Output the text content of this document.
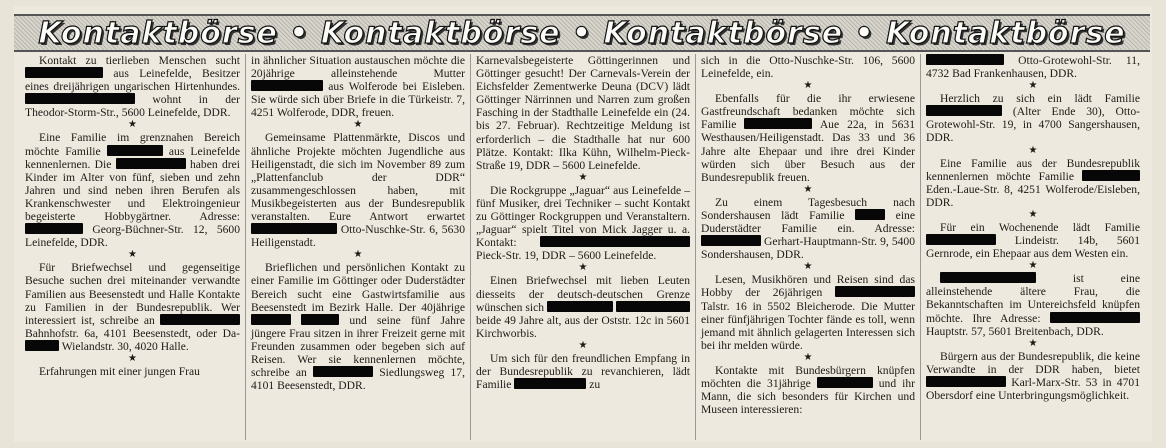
Kontaktbörse • Kontaktbörse • Kontaktbörse • Kontaktbörse

Kontakt zu tierlieben Menschen sucht  aus Leinefelde, Besitzer eines dreijährigen ungarischen Hirtenhundes.  wohnt in der Theodor-Storm-Str., 5600 Leinefelde, DDR.

★

Eine Familie im grenznahen Bereich möchte Familie	aus Leinefelde kennenlernen. Die	haben drei Kinder im Alter von fünf, sieben und zehn Jahren und sind neben ihren Berufen als Krankenschwester und Elektroingenieur begeisterte Hobbygärtner. Adresse:  Georg-Büchner-Str. 12, 5600 Leinefelde, DDR.

★

Für Briefwechsel und gegenseitige Besuche suchen drei miteinander verwandte Familien aus Beesenstedt und Halle Kontakte zu Familien in der Bundesrepublik. Wer interessiert ist, schreibe an  Bahnhofstr. 6a, 4101 Beesenstedt, oder Da-  Wielandstr. 30, 4020 Halle.

★

Erfahrungen mit einer jungen Frau

in ähnlicher Situation austauschen möchte die 20jährige alleinstehende Mutter  aus Wolferode bei Eisleben. Sie würde sich über Briefe in die Türkeistr. 7, 4251 Wolferode, DDR, freuen.

★

Gemeinsame Plattenmärkte, Discos und ähnliche Projekte möchten Jugendliche aus Heiligenstadt, die sich im November 89 zum „Plattenfanclub der DDR“ zusammengeschlossen haben, mit Musikbegeisterten aus der Bundesrepublik veranstalten. Eure Antwort erwartet  Otto-Nuschke-Str. 6, 5630 Heiligenstadt.

★

Brieflichen und persönlichen Kontakt zu einer Familie im Göttinger oder Duderstädter Bereich sucht eine Gastwirtsfamilie aus Beesenstedt im Bezirk Halle. Der 40jährige   und seine fünf Jahre jüngere Frau sitzen in ihrer Freizeit gerne mit Freunden zusammen oder begeben sich auf Reisen. Wer sie kennenlernen möchte, schreibe an	Siedlungsweg 17, 4101 Beesenstedt, DDR.

Karnevalsbegeisterte Göttingerinnen und Göttinger gesucht! Der Carnevals-Verein der Eichsfelder Zementwerke Deuna (DCV) lädt Göttinger Närrinnen und Narren zum großen Fasching in der Stadthalle Leinefelde ein (24. bis 27. Februar). Rechtzeitige Meldung ist erforderlich – die Stadthalle hat nur 600 Plätze. Kontakt: Ilka Kühn, Wilhelm-Pieck-Straße 19, DDR – 5600 Leinefelde.

★

Die Rockgruppe „Jaguar“ aus Leinefelde – fünf Musiker, drei Techniker – sucht Kontakt zu Göttinger Rockgruppen und Veranstaltern. „Jaguar“ spielt Titel von Mick Jagger u. a. Kontakt:  Pieck-Str. 19, DDR – 5600 Leinefelde.

★

Einen Briefwechsel mit lieben Leuten diesseits der deutsch-deutschen Grenze wünschen sich   beide 49 Jahre alt, aus der Oststr. 12c in 5601 Kirchworbis.

★

Um sich für den freundlichen Empfang in der Bundesrepublik zu revanchieren, lädt Familie	zu

sich in die Otto-Nuschke-Str. 106, 5600 Leinefelde, ein.

★

Ebenfalls für die ihr erwiesene Gastfreundschaft bedanken möchte sich Familie	Aue 22a, in 5631 Westhausen/Heiligenstadt. Das 33 und 36 Jahre alte Ehepaar und ihre drei Kinder würden sich über Besuch aus der Bundesrepublik freuen.

★

Zu einem Tagesbesuch nach Sondershausen lädt Familie	eine Duderstädter Familie ein. Adresse:  Gerhart-Hauptmann-Str. 9, 5400 Sondershausen, DDR.

★

Lesen, Musikhören und Reisen sind das Hobby der 26jährigen  Talstr. 16 in 5502 Bleicherode. Die Mutter einer fünfjährigen Tochter fände es toll, wenn jemand mit ähnlich gelagerten Interessen sich bei ihr melden würde.

★

Kontakte mit Bundesbürgern knüpfen möchten die 31jährige	und ihr Mann, die sich besonders für Kirchen und Museen interessieren:

Otto-Grotewohl-Str. 11, 4732 Bad Frankenhausen, DDR.

★

Herzlich zu sich ein lädt Familie  (Alter Ende 30), Otto-Grotewohl-Str. 19, in 4700 Sangershausen, DDR.

★

Eine Familie aus der Bundesrepublik kennenlernen möchte Familie  Eden.-Laue-Str. 8, 4251 Wolferode/Eisleben, DDR.

★

Für ein Wochenende lädt Familie  Lindeistr. 14b, 5601 Gernrode, ein Ehepaar aus dem Westen ein.

★

ist eine alleinstehende ältere Frau, die Bekanntschaften im Untereichsfeld knüpfen möchte. Ihre Adresse:  Hauptstr. 57, 5601 Breitenbach, DDR.

★

Bürgern aus der Bundesrepublik, die keine Verwandte in der DDR haben, bietet  Karl-Marx-Str. 53 in 4701 Obersdorf eine Unterbringungsmöglichkeit.
